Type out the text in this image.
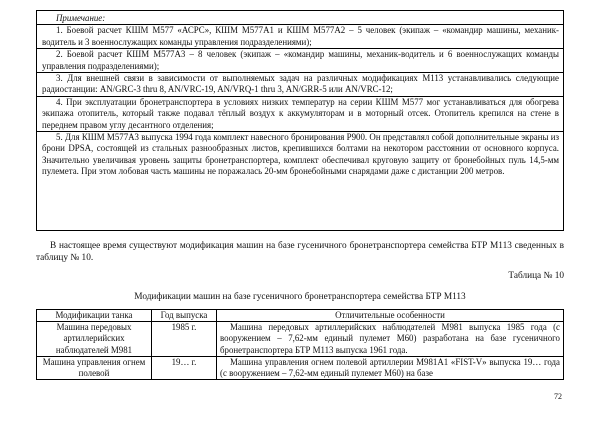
Примечание:

1. Боевой расчет КШМ М577 «АСРС», КШМ М577А1 и КШМ М577А2 – 5 человек (экипаж – «командир машины, механик-водитель и 3 военнослужащих команды управления подразделениями);

2. Боевой расчет КШМ М577А3 – 8 человек (экипаж – «командир машины, механик-водитель и 6 военнослужащих команды управления подразделениями);

3. Для внешней связи в зависимости от выполняемых задач на различных модификациях М113 устанавливались следующие радиостанции: AN/GRC-3 thru 8, AN/VRC-19, AN/VRQ-1 thru 3, AN/GRR-5 или AN/VRC-12;

4. При эксплуатации бронетранспортера в условиях низких температур на серии КШМ М577 мог устанавливаться для обогрева экипажа отопитель, который также подавал тёплый воздух к аккумуляторам и в моторный отсек. Отопитель крепился на стене в переднем правом углу десантного отделения;

5. Для КШМ М577А3 выпуска 1994 года комплект навесного бронирования P900. Он представлял собой дополнительные экраны из брони DPSA, состоящей из стальных разнообразных листов, крепившихся болтами на некотором расстоянии от основного корпуса. Значительно увеличивая уровень защиты бронетранспортера, комплект обеспечивал круговую защиту от бронебойных пуль 14,5-мм пулемета. При этом лобовая часть машины не поражалась 20-мм бронебойными снарядами даже с дистанции 200 метров.

В настоящее время существуют модификация машин на базе гусеничного бронетранспортера семейства БТР М113 сведенных в таблицу № 10.

Таблица № 10

Модификации машин на базе гусеничного бронетранспортера семейства БТР М113

Модификации танка	Год выпуска	Отличительные особенности
Машина передовых артиллерийских наблюдателей М981	1985 г.	Машина передовых артиллерийских наблюдателей М981 выпуска 1985 года (с вооружением – 7,62-мм единый пулемет М60) разработана на базе гусеничного бронетранспортера БТР М113 выпуска 1961 года.
Машина управления огнем полевой	19… г.	Машина управления огнем полевой артиллерии М981А1 «FIST-V» выпуска 19… года (с вооружением – 7,62-мм единый пулемет М60) на базе
72
